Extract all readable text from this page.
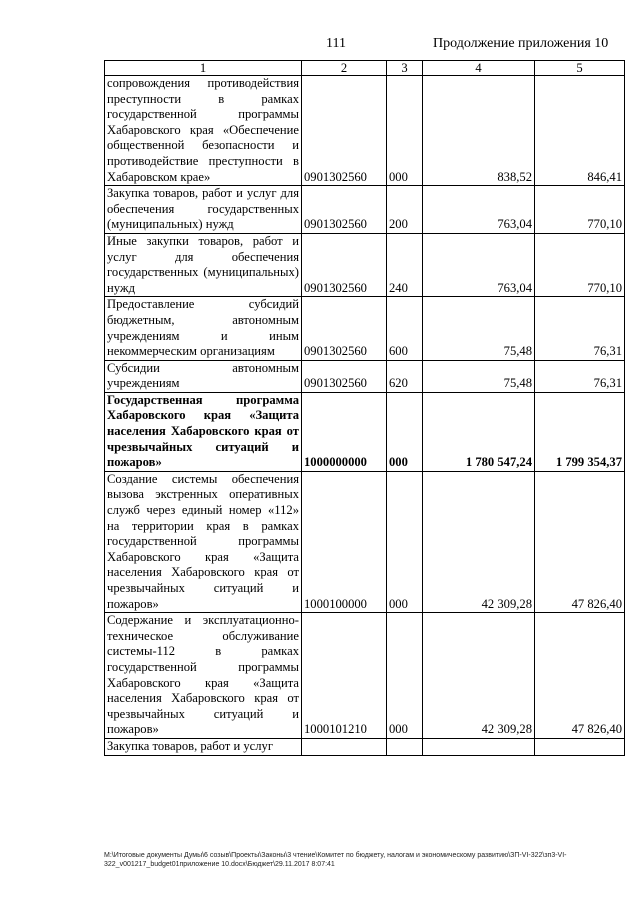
111	Продолжение приложения 10
1	2	3	4	5
сопровождения противодействия преступности в рамках государственной программы Хабаровского края «Обеспечение общественной безопасности и противодействие преступности в Хабаровском крае»	0901302560	000	838,52	846,41
Закупка товаров, работ и услуг для обеспечения государственных (муниципальных) нужд	0901302560	200	763,04	770,10
Иные закупки товаров, работ и услуг для обеспечения государственных (муниципальных) нужд	0901302560	240	763,04	770,10
Предоставление субсидий бюджетным, автономным учреждениям и иным некоммерческим организациям	0901302560	600	75,48	76,31
Субсидии автономным учреждениям	0901302560	620	75,48	76,31
Государственная программа Хабаровского края «Защита населения Хабаровского края от чрезвычайных ситуаций и пожаров»	1000000000	000	1 780 547,24	1 799 354,37
Создание системы обеспечения вызова экстренных оперативных служб через единый номер «112» на территории края в рамках государственной программы Хабаровского края «Защита населения Хабаровского края от чрезвычайных ситуаций и пожаров»	1000100000	000	42 309,28	47 826,40
Содержание и эксплуатационно-техническое обслуживание системы-112 в рамках государственной программы Хабаровского края «Защита населения Хабаровского края от чрезвычайных ситуаций и пожаров»	1000101210	000	42 309,28	47 826,40
Закупка товаров, работ и услуг				
M:\Итоговые документы Думы\6 созыв\Проекты\Законы\3 чтение\Комитет по бюджету, налогам и экономическому развитию\ЗП-VI-322\зп3-VI-322_v001217_budget01приложение 10.docx\Бюджет\29.11.2017 8:07:41
